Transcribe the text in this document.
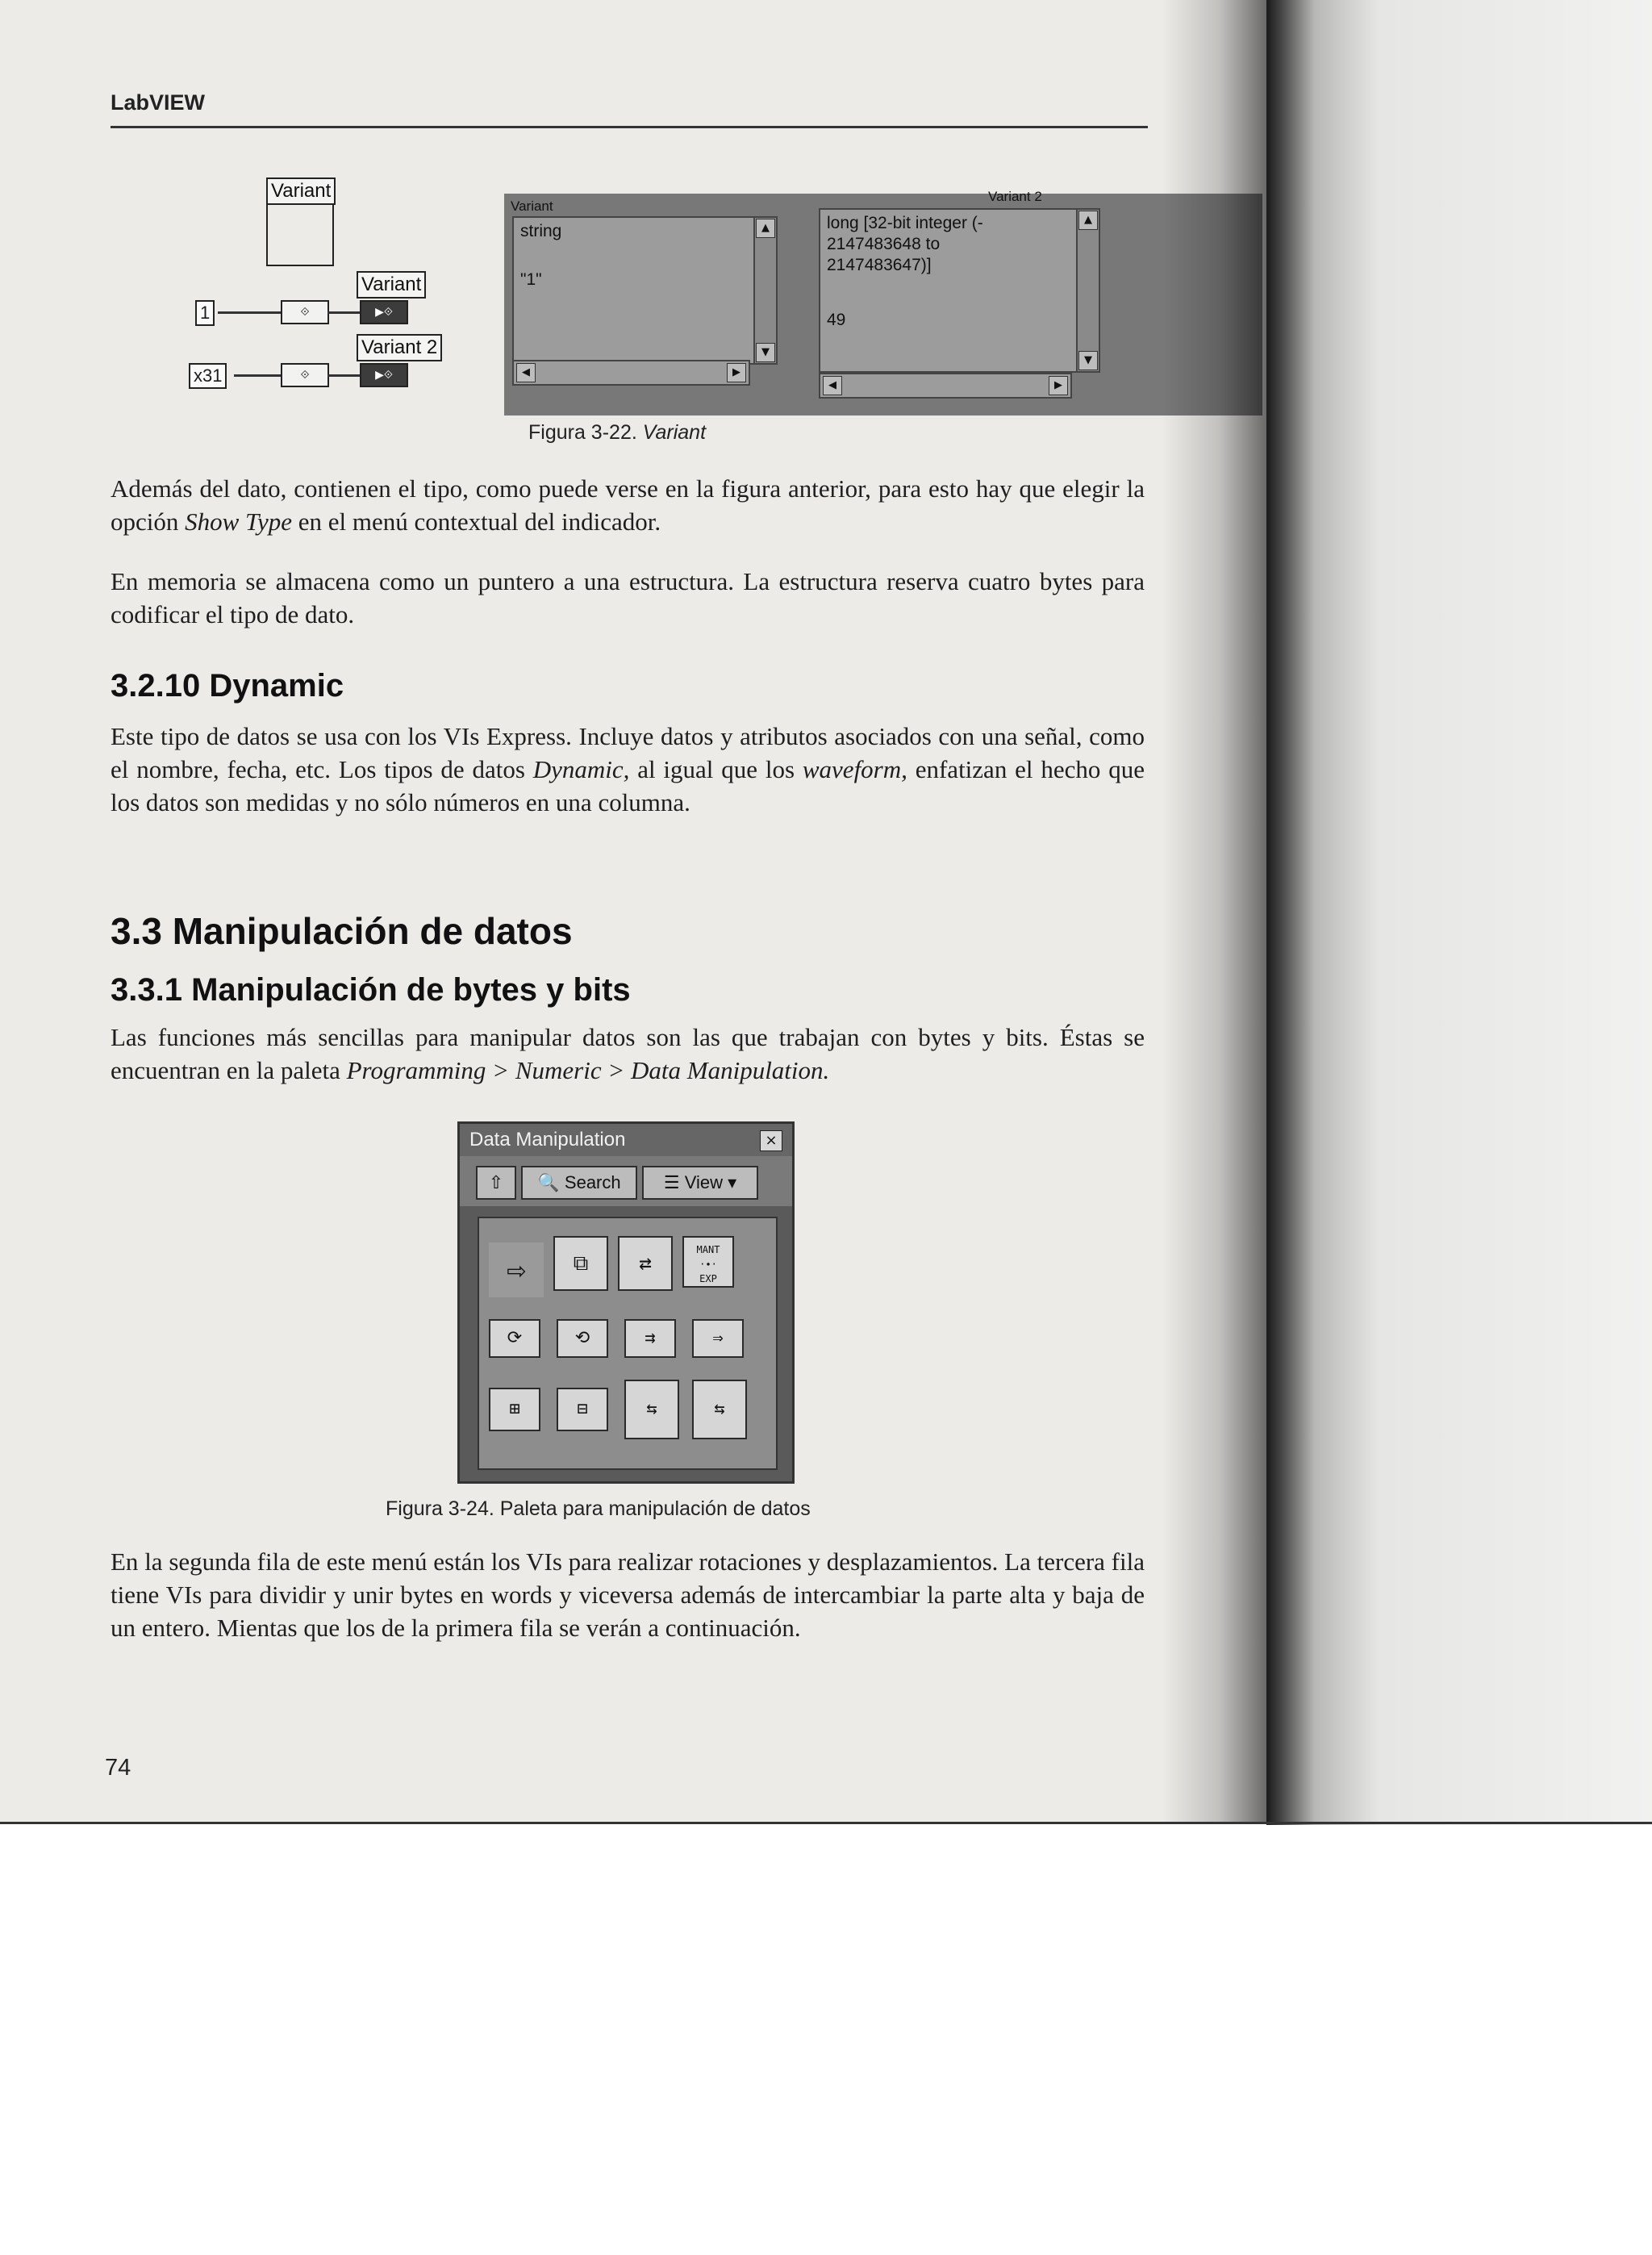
LabVIEW
Variant
Variant
Variant 2
1
x31
⟐
⟐
▶⟐
▶⟐
Variant
Variant 2
string
"1"
▲
▼
◀	▶
long [32-bit integer (-
2147483648 to
2147483647)]
49
▲
▼
◀	▶
Figura 3-22. Variant
Además del dato, contienen el tipo, como puede verse en la figura anterior, para esto hay que elegir la opción Show Type en el menú contextual del indicador.
En memoria se almacena como un puntero a una estructura. La estructura reserva cuatro bytes para codificar el tipo de dato.
3.2.10 Dynamic
Este tipo de datos se usa con los VIs Express. Incluye datos y atributos asociados con una señal, como el nombre, fecha, etc. Los tipos de datos Dynamic, al igual que los waveform, enfatizan el hecho que los datos son medidas y no sólo números en una columna.
3.3 Manipulación de datos
3.3.1 Manipulación de bytes y bits
Las funciones más sencillas para manipular datos son las que trabajan con bytes y bits. Éstas se encuentran en la paleta Programming > Numeric > Data Manipulation.
Data Manipulation	×
⇧	🔍 Search	☰ View ▾
⇨	⧉	⇄
MANT
·∙·
EXP
⟳	⟲	⇉	⇒
⊞	⊟	⇆	⇆
Figura 3-24. Paleta para manipulación de datos
En la segunda fila de este menú están los VIs para realizar rotaciones y desplazamientos. La tercera fila tiene VIs para dividir y unir bytes en words y viceversa además de intercambiar la parte alta y baja de un entero. Mientas que los de la primera fila se verán a continuación.
74
